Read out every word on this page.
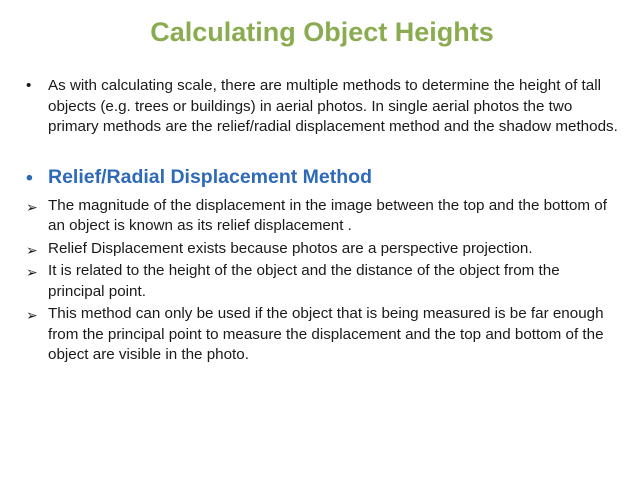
Calculating Object Heights
• As with calculating scale, there are multiple methods to determine the height of tall objects (e.g. trees or buildings) in aerial photos. In single aerial photos the two primary methods are the relief/radial displacement method and the shadow methods.
• Relief/Radial Displacement Method
➢ The magnitude of the displacement in the image between the top and the bottom of an object is known as its relief displacement .
➢ Relief Displacement exists because photos are a perspective projection.
➢ It is related to the height of the object and the distance of the object from the principal point.
➢ This method can only be used if the object that is being measured is be far enough from the principal point to measure the displacement and the top and bottom of the object are visible in the photo.
